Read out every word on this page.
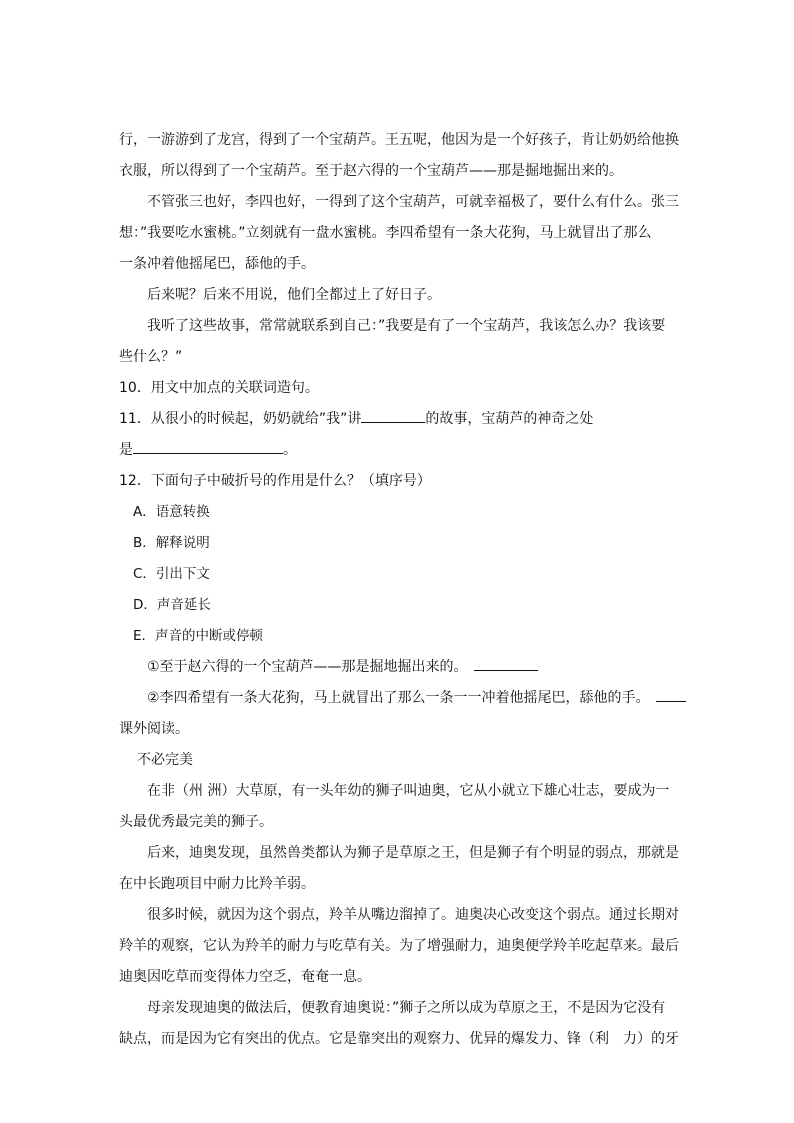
行，一游游到了龙宫，得到了一个宝葫芦。王五呢，他因为是一个好孩子，肯让奶奶给他换
衣服，所以得到了一个宝葫芦。至于赵六得的一个宝葫芦——那是掘地掘出来的。
不管张三也好，李四也好，一得到了这个宝葫芦，可就幸福极了，要什么有什么。张三
想：”我要吃水蜜桃。”立刻就有一盘水蜜桃。李四希望有一条大花狗，马上就冒出了那么
一条冲着他摇尾巴，舔他的手。
后来呢？后来不用说，他们全都过上了好日子。
我听了这些故事，常常就联系到自己：”我要是有了一个宝葫芦，我该怎么办？我该要
些什么？”
10．用文中加点的关联词造句。
11．从很小的时候起，奶奶就给”我”讲	的故事，宝葫芦的神奇之处
是	。
12．下面句子中破折号的作用是什么？（填序号）
A．语意转换
B．解释说明
C．引出下文
D．声音延长
E．声音的中断或停顿
①至于赵六得的一个宝葫芦——那是掘地掘出来的。
②李四希望有一条大花狗，马上就冒出了那么一条一一冲着他摇尾巴，舔他的手。
课外阅读。
不必完美
在非（州 洲）大草原，有一头年幼的狮子叫迪奥，它从小就立下雄心壮志，要成为一
头最优秀最完美的狮子。
后来，迪奥发现，虽然兽类都认为狮子是草原之王，但是狮子有个明显的弱点，那就是
在中长跑项目中耐力比羚羊弱。
很多时候，就因为这个弱点，羚羊从嘴边溜掉了。迪奥决心改变这个弱点。通过长期对
羚羊的观察，它认为羚羊的耐力与吃草有关。为了增强耐力，迪奥便学羚羊吃起草来。最后
迪奥因吃草而变得体力空乏，奄奄一息。
母亲发现迪奥的做法后，便教育迪奥说：”狮子之所以成为草原之王，不是因为它没有
缺点，而是因为它有突出的优点。它是靠突出的观察力、优异的爆发力、锋（利　力）的牙
